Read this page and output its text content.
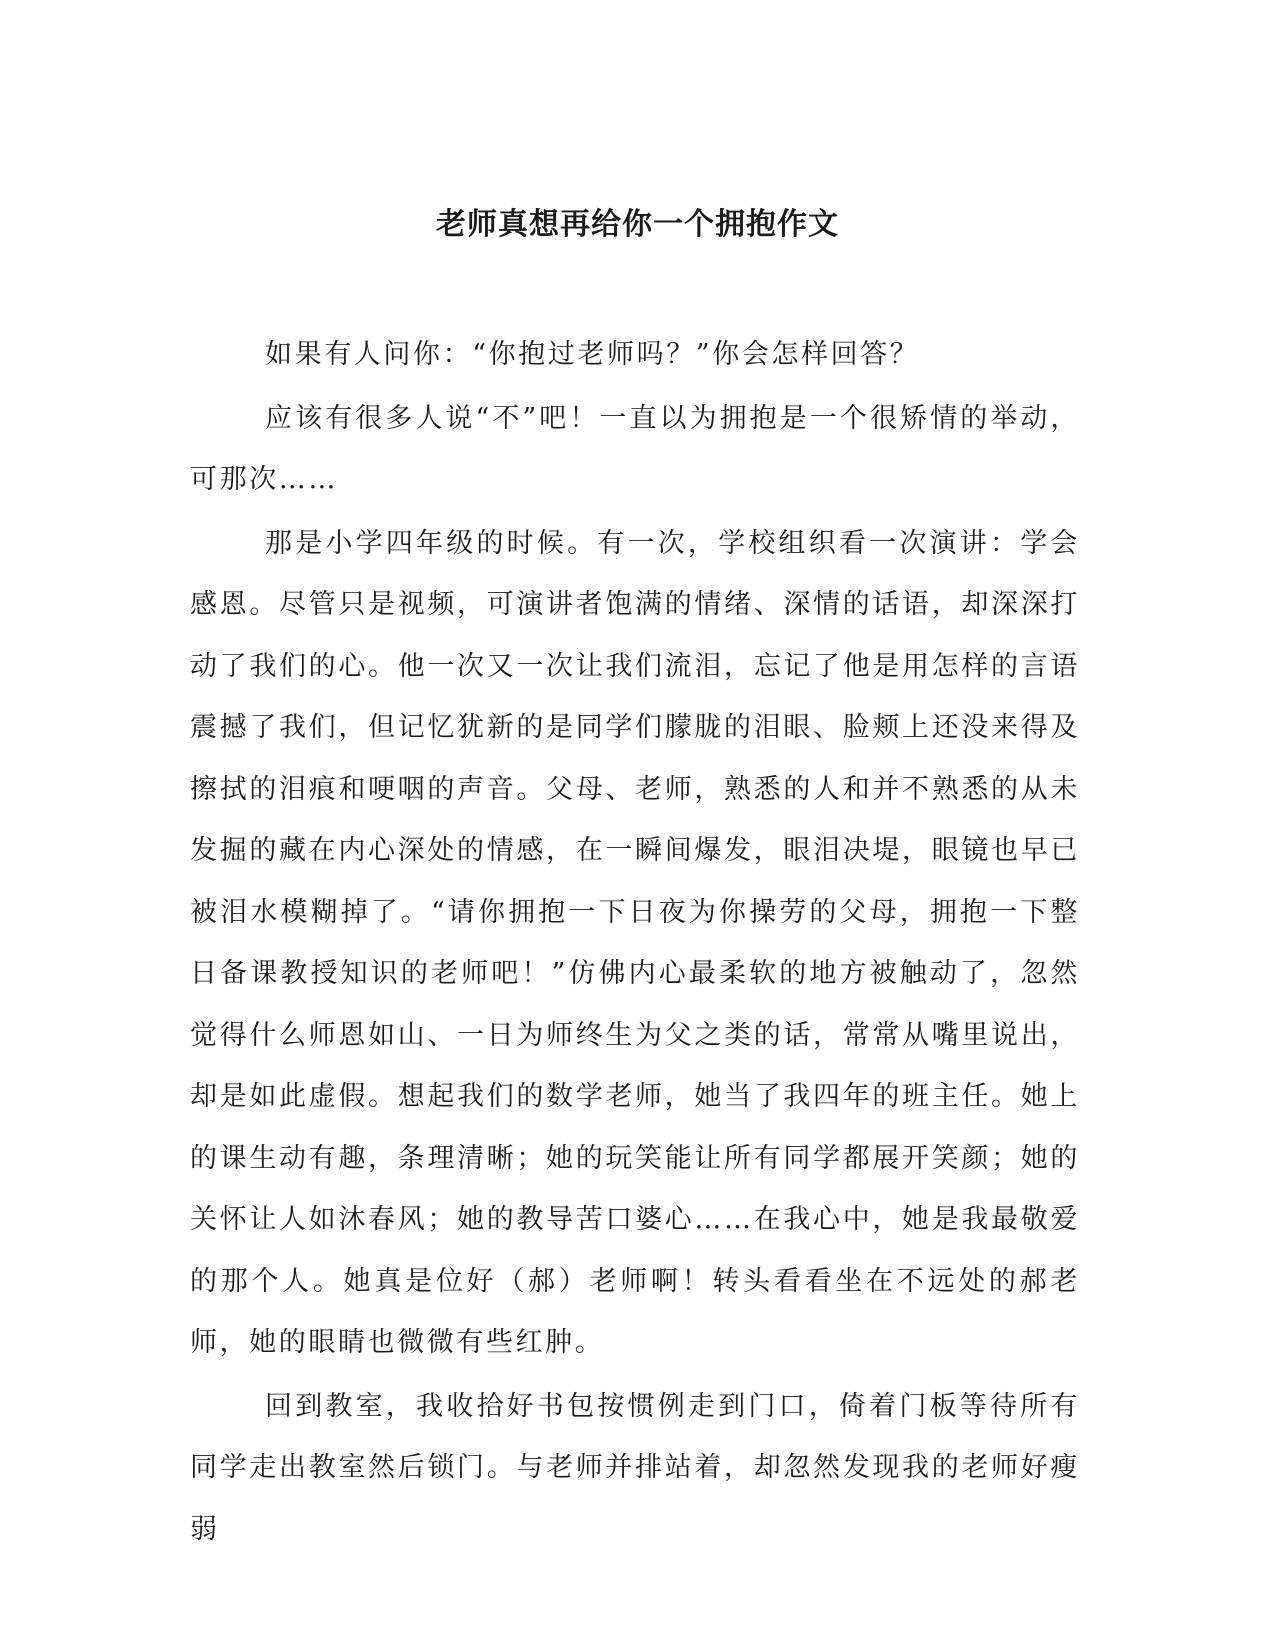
老师真想再给你一个拥抱作文

如果有人问你：“你抱过老师吗？”你会怎样回答？

应该有很多人说“不”吧！一直以为拥抱是一个很矫情的举动，可那次……

那是小学四年级的时候。有一次，学校组织看一次演讲：学会感恩。尽管只是视频，可演讲者饱满的情绪、深情的话语，却深深打动了我们的心。他一次又一次让我们流泪，忘记了他是用怎样的言语震撼了我们，但记忆犹新的是同学们朦胧的泪眼、脸颊上还没来得及擦拭的泪痕和哽咽的声音。父母、老师，熟悉的人和并不熟悉的从未发掘的藏在内心深处的情感，在一瞬间爆发，眼泪决堤，眼镜也早已被泪水模糊掉了。“请你拥抱一下日夜为你操劳的父母，拥抱一下整日备课教授知识的老师吧！”仿佛内心最柔软的地方被触动了，忽然觉得什么师恩如山、一日为师终生为父之类的话，常常从嘴里说出，却是如此虚假。想起我们的数学老师，她当了我四年的班主任。她上的课生动有趣，条理清晰；她的玩笑能让所有同学都展开笑颜；她的关怀让人如沐春风；她的教导苦口婆心……在我心中，她是我最敬爱的那个人。她真是位好（郝）老师啊！转头看看坐在不远处的郝老师，她的眼睛也微微有些红肿。

回到教室，我收拾好书包按惯例走到门口，倚着门板等待所有同学走出教室然后锁门。与老师并排站着，却忽然发现我的老师好瘦弱
